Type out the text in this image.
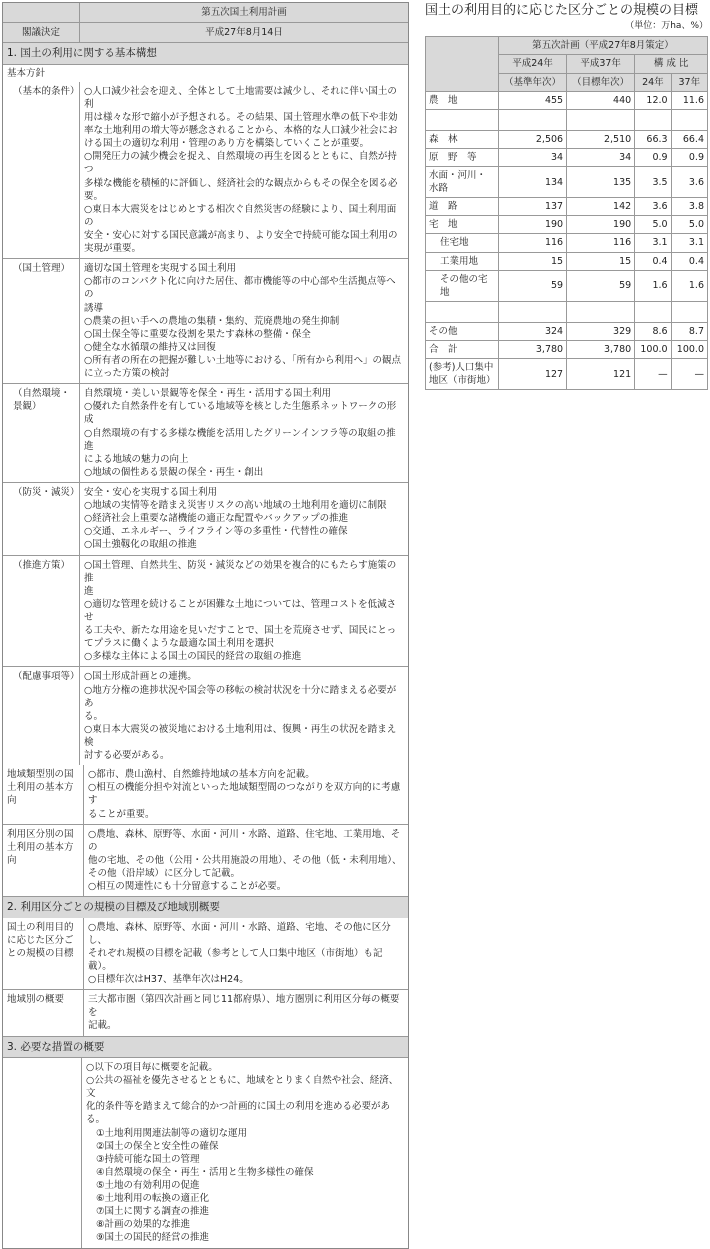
第五次国土利用計画
閣議決定	平成27年8月14日
1. 国土の利用に関する基本構想
基本方針
（基本的条件） ○人口減少社会を迎え、全体として土地需要は減少し、それに伴い国土の利
用は様々な形で縮小が予想される。その結果、国土管理水準の低下や非効
率な土地利用の増大等が懸念されることから、本格的な人口減少社会にお
ける国土の適切な利用・管理のあり方を構築していくことが重要。
○開発圧力の減少機会を捉え、自然環境の再生を図るとともに、自然が持つ
多様な機能を積極的に評価し、経済社会的な観点からもその保全を図る必
要。
○東日本大震災をはじめとする相次ぐ自然災害の経験により、国土利用面の
安全・安心に対する国民意識が高まり、より安全で持続可能な国土利用の
実現が重要。
（国土管理）	適切な国土管理を実現する国土利用
○都市のコンパクト化に向けた居住、都市機能等の中心部や生活拠点等への
誘導
○農業の担い手への農地の集積・集約、荒廃農地の発生抑制
○国土保全等に重要な役割を果たす森林の整備・保全
○健全な水循環の維持又は回復
○所有者の所在の把握が難しい土地等における、「所有から利用へ」の観点
に立った方策の検討
（自然環境・景観）
自然環境・美しい景観等を保全・再生・活用する国土利用
○優れた自然条件を有している地域等を核とした生態系ネットワークの形成
○自然環境の有する多様な機能を活用したグリーンインフラ等の取組の推進
による地域の魅力の向上
○地域の個性ある景観の保全・再生・創出
（防災・減災） 安全・安心を実現する国土利用
○地域の実情等を踏まえ災害リスクの高い地域の土地利用を適切に制限
○経済社会上重要な諸機能の適正な配置やバックアップの推進
○交通、エネルギー、ライフライン等の多重性・代替性の確保
○国土強靱化の取組の推進
（推進方策）	○国土管理、自然共生、防災・減災などの効果を複合的にもたらす施策の推
進
○適切な管理を続けることが困難な土地については、管理コストを低減させ
る工夫や、新たな用途を見いだすことで、国土を荒廃させず、国民にとっ
てプラスに働くような最適な国土利用を選択
○多様な主体による国土の国民的経営の取組の推進
（配慮事項等） ○国土形成計画との連携。
○地方分権の進捗状況や国会等の移転の検討状況を十分に踏まえる必要があ
る。
○東日本大震災の被災地における土地利用は、復興・再生の状況を踏まえ検
討する必要がある。
地域類型別の国土利用の基本方向
○都市、農山漁村、自然維持地域の基本方向を記載。
○相互の機能分担や対流といった地域類型間のつながりを双方向的に考慮す
ることが重要。
利用区分別の国土利用の基本方向
○農地、森林、原野等、水面・河川・水路、道路、住宅地、工業用地、その
他の宅地、その他（公用・公共用施設の用地）、その他（低・未利用地）、
その他（沿岸域）に区分して記載。
○相互の関連性にも十分留意することが必要。
2. 利用区分ごとの規模の目標及び地域別概要
国土の利用目的に応じた区分ごとの規模の目標
○農地、森林、原野等、水面・河川・水路、道路、宅地、その他に区分し、
それぞれ規模の目標を記載（参考として人口集中地区（市街地）も記載）。
○目標年次はH37、基準年次はH24。
地域別の概要	三大都市圏（第四次計画と同じ11都府県）、地方圏別に利用区分毎の概要を
記載。
3. 必要な措置の概要
○以下の項目毎に概要を記載。
○公共の福祉を優先させるとともに、地域をとりまく自然や社会、経済、文
化的条件等を踏まえて総合的かつ計画的に国土の利用を進める必要があ
る。
①土地利用関連法制等の適切な運用
②国土の保全と安全性の確保
③持続可能な国土の管理
④自然環境の保全・再生・活用と生物多様性の確保
⑤土地の有効利用の促進
⑥土地利用の転換の適正化
⑦国土に関する調査の推進
⑧計画の効果的な推進
⑨国土の国民的経営の推進
国土の利用目的に応じた区分ごとの規模の目標
（単位：万ha、%）
	第五次計画（平成27年8月策定）			
	平成24年	平成37年	構 成 比	
	（基準年次）	（目標年次）	24年	37年
農　地	455	440	12.0	11.6

森　林	2,506	2,510	66.3	66.4
原　野　等	34	34	0.9	0.9
水面・河川・水路	134	135	3.5	3.6
道　路	137	142	3.6	3.8
宅　地	190	190	5.0	5.0
住宅地	116	116	3.1	3.1
工業用地	15	15	0.4	0.4
その他の宅地	59	59	1.6	1.6

その他	324	329	8.6	8.7
合　計	3,780	3,780	100.0	100.0
(参考)人口集中地区（市街地）	127	121	—	—
